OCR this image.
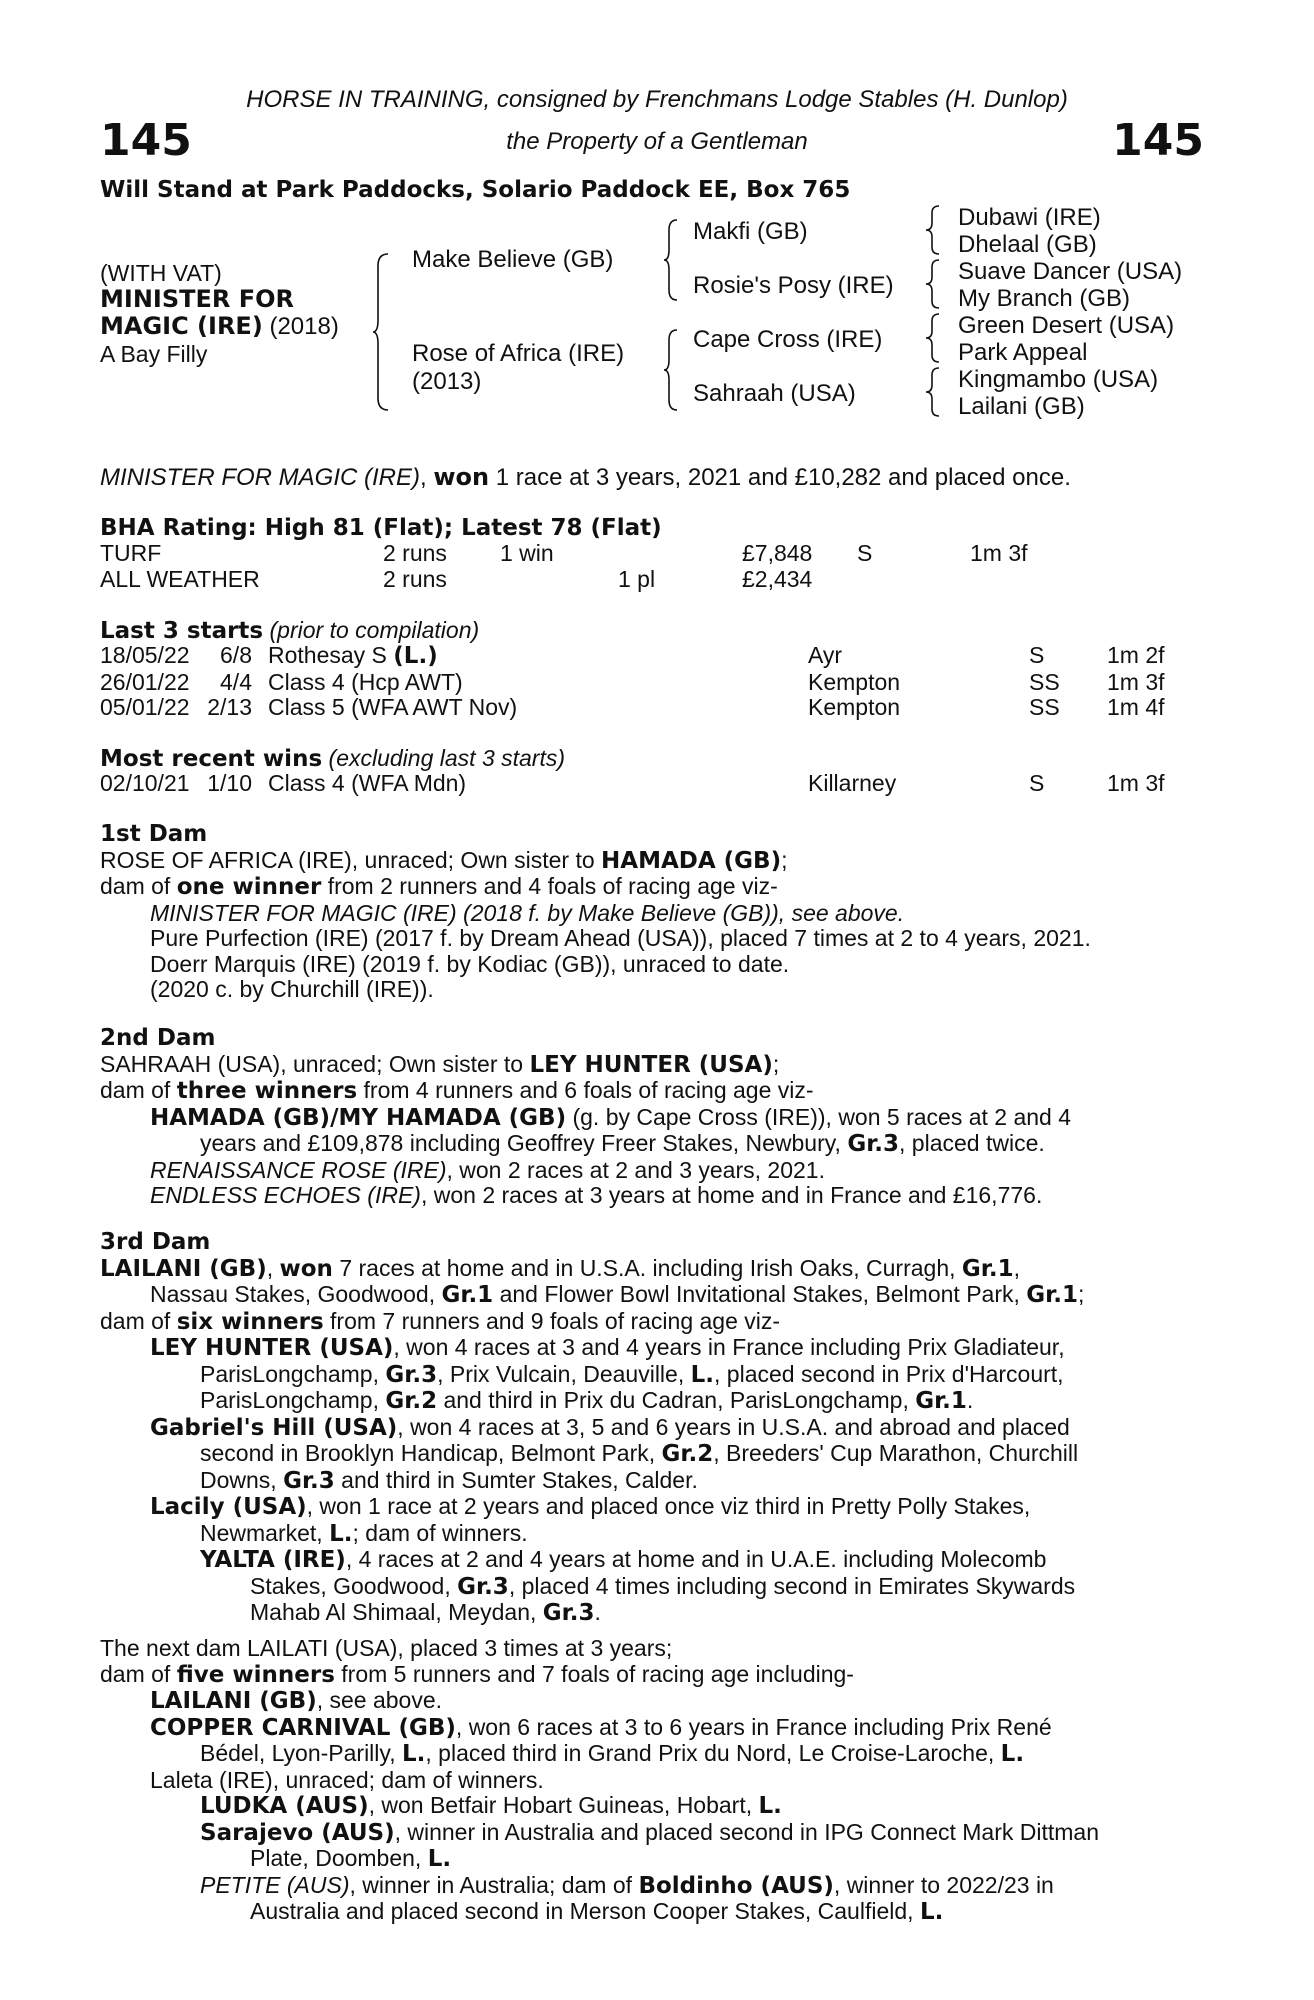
HORSE IN TRAINING, consigned by Frenchmans Lodge Stables (H. Dunlop)
145	the Property of a Gentleman	145
Will Stand at Park Paddocks, Solario Paddock EE, Box 765
(WITH VAT)
MINISTER FOR
MAGIC (IRE) (2018)
A Bay Filly
Make Believe (GB)
Rose of Africa (IRE)
(2013)
Makfi (GB)
Rosie's Posy (IRE)
Cape Cross (IRE)
Sahraah (USA)
Dubawi (IRE)
Dhelaal (GB)
Suave Dancer (USA)
My Branch (GB)
Green Desert (USA)
Park Appeal
Kingmambo (USA)
Lailani (GB)
MINISTER FOR MAGIC (IRE), won 1 race at 3 years, 2021 and £10,282 and placed once.
BHA Rating: High 81 (Flat); Latest 78 (Flat)
TURF	2 runs	1 win		£7,848	S	1m 3f
ALL WEATHER	2 runs		1 pl	£2,434		
Last 3 starts (prior to compilation)
18/05/22	6/8	Rothesay S (L.)	Ayr	S	1m 2f
26/01/22	4/4	Class 4 (Hcp AWT)	Kempton	SS	1m 3f
05/01/22	2/13	Class 5 (WFA AWT Nov)	Kempton	SS	1m 4f
Most recent wins (excluding last 3 starts)
02/10/21	1/10	Class 4 (WFA Mdn)	Killarney	S	1m 3f

1st Dam

ROSE OF AFRICA (IRE), unraced; Own sister to HAMADA (GB);

dam of one winner from 2 runners and 4 foals of racing age viz-

MINISTER FOR MAGIC (IRE) (2018 f. by Make Believe (GB)), see above.

Pure Purfection (IRE) (2017 f. by Dream Ahead (USA)), placed 7 times at 2 to 4 years, 2021.

Doerr Marquis (IRE) (2019 f. by Kodiac (GB)), unraced to date.

(2020 c. by Churchill (IRE)).

2nd Dam

SAHRAAH (USA), unraced; Own sister to LEY HUNTER (USA);

dam of three winners from 4 runners and 6 foals of racing age viz-

HAMADA (GB)/MY HAMADA (GB) (g. by Cape Cross (IRE)), won 5 races at 2 and 4

years and £109,878 including Geoffrey Freer Stakes, Newbury, Gr.3, placed twice.

RENAISSANCE ROSE (IRE), won 2 races at 2 and 3 years, 2021.

ENDLESS ECHOES (IRE), won 2 races at 3 years at home and in France and £16,776.

3rd Dam

LAILANI (GB), won 7 races at home and in U.S.A. including Irish Oaks, Curragh, Gr.1,

Nassau Stakes, Goodwood, Gr.1 and Flower Bowl Invitational Stakes, Belmont Park, Gr.1;

dam of six winners from 7 runners and 9 foals of racing age viz-

LEY HUNTER (USA), won 4 races at 3 and 4 years in France including Prix Gladiateur,

ParisLongchamp, Gr.3, Prix Vulcain, Deauville, L., placed second in Prix d'Harcourt,

ParisLongchamp, Gr.2 and third in Prix du Cadran, ParisLongchamp, Gr.1.

Gabriel's Hill (USA), won 4 races at 3, 5 and 6 years in U.S.A. and abroad and placed

second in Brooklyn Handicap, Belmont Park, Gr.2, Breeders' Cup Marathon, Churchill

Downs, Gr.3 and third in Sumter Stakes, Calder.

Lacily (USA), won 1 race at 2 years and placed once viz third in Pretty Polly Stakes,

Newmarket, L.; dam of winners.

YALTA (IRE), 4 races at 2 and 4 years at home and in U.A.E. including Molecomb

Stakes, Goodwood, Gr.3, placed 4 times including second in Emirates Skywards

Mahab Al Shimaal, Meydan, Gr.3.

The next dam LAILATI (USA), placed 3 times at 3 years;

dam of five winners from 5 runners and 7 foals of racing age including-

LAILANI (GB), see above.

COPPER CARNIVAL (GB), won 6 races at 3 to 6 years in France including Prix René

Bédel, Lyon-Parilly, L., placed third in Grand Prix du Nord, Le Croise-Laroche, L.

Laleta (IRE), unraced; dam of winners.

LUDKA (AUS), won Betfair Hobart Guineas, Hobart, L.

Sarajevo (AUS), winner in Australia and placed second in IPG Connect Mark Dittman

Plate, Doomben, L.

PETITE (AUS), winner in Australia; dam of Boldinho (AUS), winner to 2022/23 in

Australia and placed second in Merson Cooper Stakes, Caulfield, L.
